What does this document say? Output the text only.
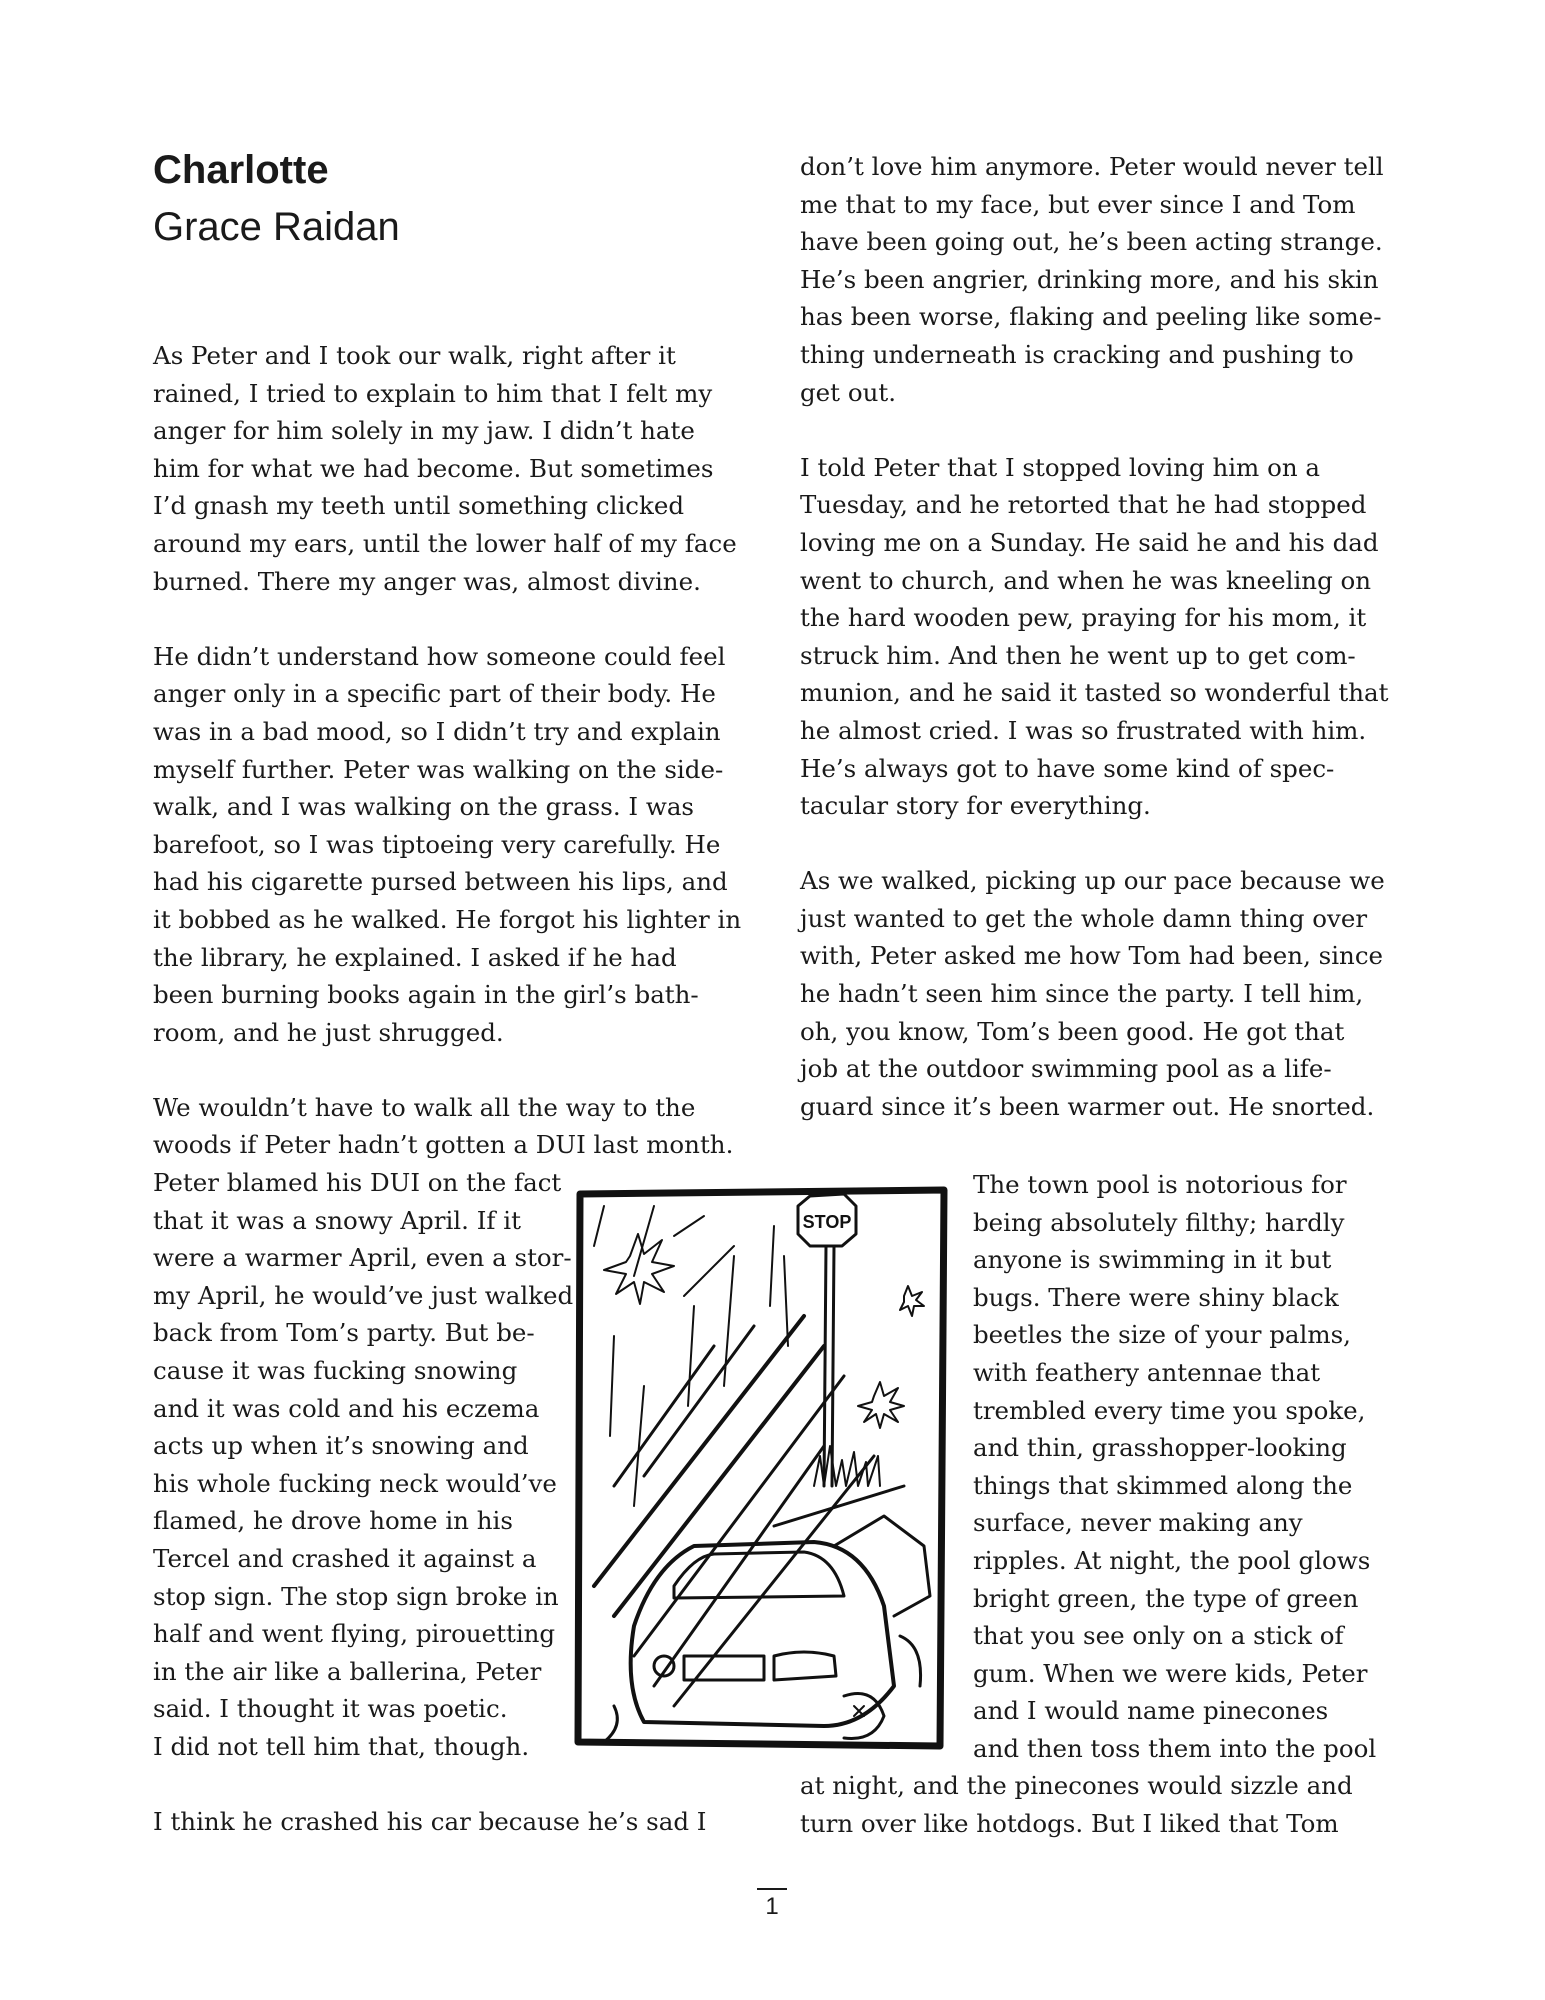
Charlotte
Grace Raidan

As Peter and I took our walk, right after it
rained, I tried to explain to him that I felt my
anger for him solely in my jaw. I didn’t hate
him for what we had become. But sometimes
I’d gnash my teeth until something clicked
around my ears, until the lower half of my face
burned. There my anger was, almost divine.

He didn’t understand how someone could feel
anger only in a specific part of their body. He
was in a bad mood, so I didn’t try and explain
myself further. Peter was walking on the side-
walk, and I was walking on the grass. I was
barefoot, so I was tiptoeing very carefully. He
had his cigarette pursed between his lips, and
it bobbed as he walked. He forgot his lighter in
the library, he explained. I asked if he had
been burning books again in the girl’s bath-
room, and he just shrugged.

We wouldn’t have to walk all the way to the
woods if Peter hadn’t gotten a DUI last month.
Peter blamed his DUI on the fact
that it was a snowy April. If it
were a warmer April, even a stor-
my April, he would’ve just walked
back from Tom’s party. But be-
cause it was fucking snowing
and it was cold and his eczema
acts up when it’s snowing and
his whole fucking neck would’ve
flamed, he drove home in his
Tercel and crashed it against a
stop sign. The stop sign broke in
half and went flying, pirouetting
in the air like a ballerina, Peter
said. I thought it was poetic.
I did not tell him that, though.

I think he crashed his car because he’s sad I

don’t love him anymore. Peter would never tell
me that to my face, but ever since I and Tom
have been going out, he’s been acting strange.
He’s been angrier, drinking more, and his skin
has been worse, flaking and peeling like some-
thing underneath is cracking and pushing to
get out.

I told Peter that I stopped loving him on a
Tuesday, and he retorted that he had stopped
loving me on a Sunday. He said he and his dad
went to church, and when he was kneeling on
the hard wooden pew, praying for his mom, it
struck him. And then he went up to get com-
munion, and he said it tasted so wonderful that
he almost cried. I was so frustrated with him.
He’s always got to have some kind of spec-
tacular story for everything.

As we walked, picking up our pace because we
just wanted to get the whole damn thing over
with, Peter asked me how Tom had been, since
he hadn’t seen him since the party. I tell him,
oh, you know, Tom’s been good. He got that
job at the outdoor swimming pool as a life-
guard since it’s been warmer out. He snorted.

The town pool is notorious for
being absolutely filthy; hardly
anyone is swimming in it but
bugs. There were shiny black
beetles the size of your palms,
with feathery antennae that
trembled every time you spoke,
and thin, grasshopper-looking
things that skimmed along the
surface, never making any
ripples. At night, the pool glows
bright green, the type of green
that you see only on a stick of
gum. When we were kids, Peter
and I would name pinecones
and then toss them into the pool

at night, and the pinecones would sizzle and
turn over like hotdogs. But I liked that Tom

STOP
1
